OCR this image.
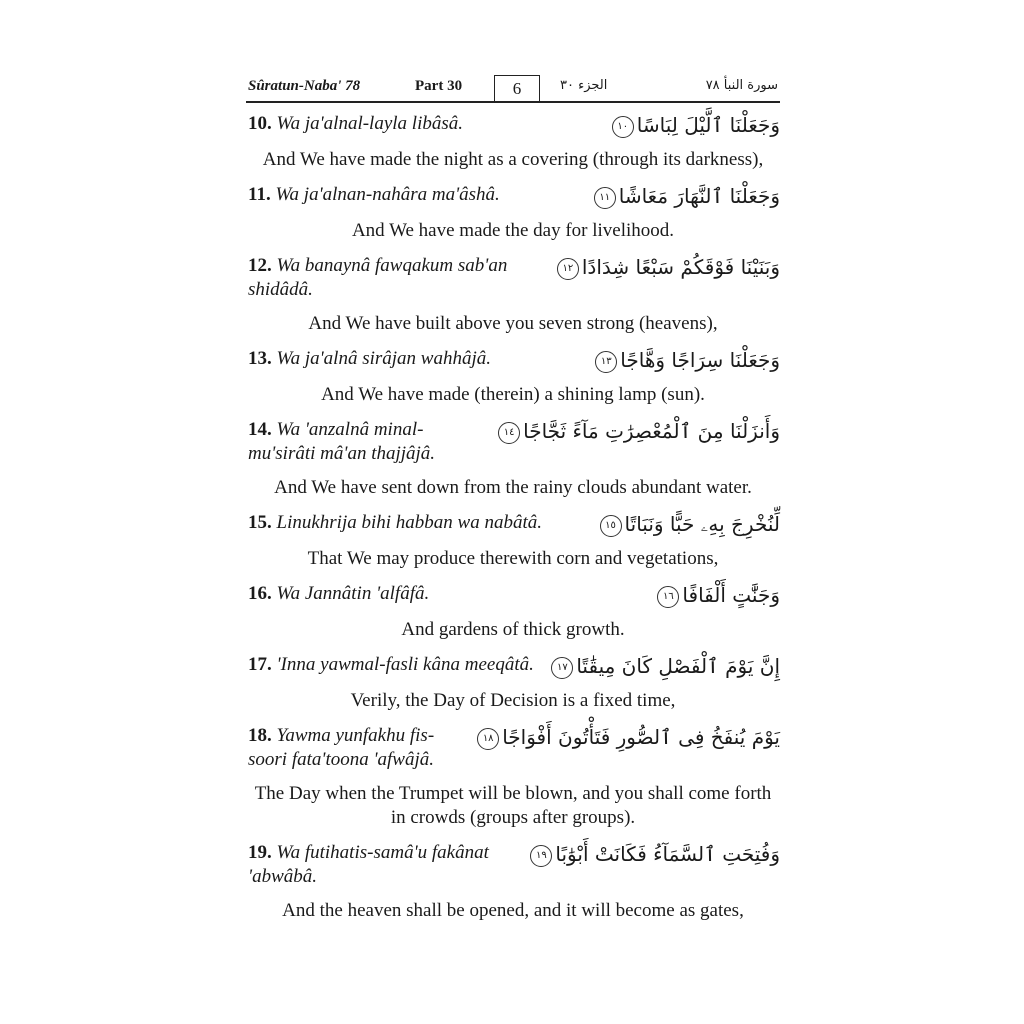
Sûratun-Naba' 78	Part 30	6	الجزء ٣٠	سورة النبأ ٧٨
10. Wa ja'alnal-layla libâsâ.	وَجَعَلْنَا ٱلَّيْلَ لِبَاسًا١٠
And We have made the night as a covering (through its darkness),
11. Wa ja'alnan-nahâra ma'âshâ.	وَجَعَلْنَا ٱلنَّهَارَ مَعَاشًا١١
And We have made the day for livelihood.
12. Wa banaynâ fawqakum sab'an shidâdâ.
وَبَنَيْنَا فَوْقَكُمْ سَبْعًا شِدَادًا١٢
And We have built above you seven strong (heavens),
13. Wa ja'alnâ sirâjan wahhâjâ.	وَجَعَلْنَا سِرَاجًا وَهَّاجًا١٣
And We have made (therein) a shining lamp (sun).
14. Wa 'anzalnâ minal-mu'sirâti mâ'an thajjâjâ.
وَأَنزَلْنَا مِنَ ٱلْمُعْصِرَٰتِ مَآءً ثَجَّاجًا١٤
And We have sent down from the rainy clouds abundant water.
15. Linukhrija bihi habban wa nabâtâ.	لِّنُخْرِجَ بِهِۦ حَبًّا وَنَبَاتًا١٥
That We may produce therewith corn and vegetations,
16. Wa Jannâtin 'alfâfâ.	وَجَنَّٰتٍ أَلْفَافًا١٦
And gardens of thick growth.
17. 'Inna yawmal-fasli kâna meeqâtâ.	إِنَّ يَوْمَ ٱلْفَصْلِ كَانَ مِيقَٰتًا١٧
Verily, the Day of Decision is a fixed time,
18. Yawma yunfakhu fis-soori fata'toona 'afwâjâ.
يَوْمَ يُنفَخُ فِى ٱلصُّورِ فَتَأْتُونَ أَفْوَاجًا١٨
The Day when the Trumpet will be blown, and you shall come forth in crowds (groups after groups).
19. Wa futihatis-samâ'u fakânat 'abwâbâ.
وَفُتِحَتِ ٱلسَّمَآءُ فَكَانَتْ أَبْوَٰبًا١٩
And the heaven shall be opened, and it will become as gates,
